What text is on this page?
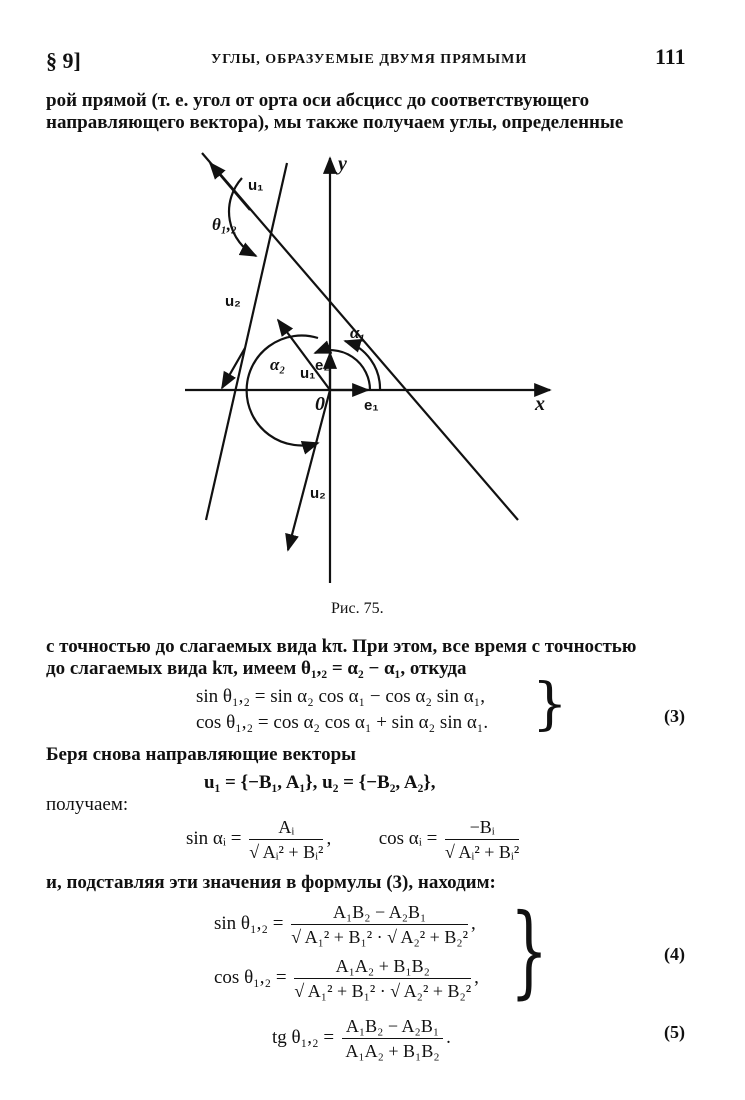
§ 9]	УГЛЫ, ОБРАЗУЕМЫЕ ДВУМЯ ПРЯМЫМИ	111
рой прямой (т. е. угол от орта оси абсцисс до соответствующего
направляющего вектора), мы также получаем углы, определенные
y
x
0
θ₁,₂
α₁
α₂
u₁
u₂
u₁ e₂
e₁
u₂
Рис. 75.
с точностью до слагаемых вида kπ. При этом, все время с точностью
до слагаемых вида kπ, имеем θ₁,₂ = α₂ − α₁, откуда
sin θ₁,₂ = sin α₂ cos α₁ − cos α₂ sin α₁,
cos θ₁,₂ = cos α₂ cos α₁ + sin α₂ sin α₁. }	(3)
Беря снова направляющие векторы
u₁ = {−B₁, A₁}, u₂ = {−B₂, A₂},
получаем:
sin αᵢ = $\frac{\text{Aᵢ}}{\text{√ Aᵢ² + Bᵢ²}}$ ,	cos αᵢ = $\frac{\text{−Bᵢ}}{\text{√ Aᵢ² + Bᵢ²}}$
и, подставляя эти значения в формулы (3), находим:
$\sin \theta_1,_2 = \frac{\text{A₁B₂ − A₂B₁}}{\text{√ A₁² + B₁² · √ A₂² + B₂²}}$ ,
$\cos \theta_1,_2 = \frac{\text{A₁A₂ + B₁B₂}}{\text{√ A₁² + B₁² · √ A₂² + B₂²}}$ , }	(4)
tg $\theta_1,_2 = \frac{\text{A₁B₂ − A₂B₁}}{\text{A₁A₂ + B₁B₂}}$ .	(5)
